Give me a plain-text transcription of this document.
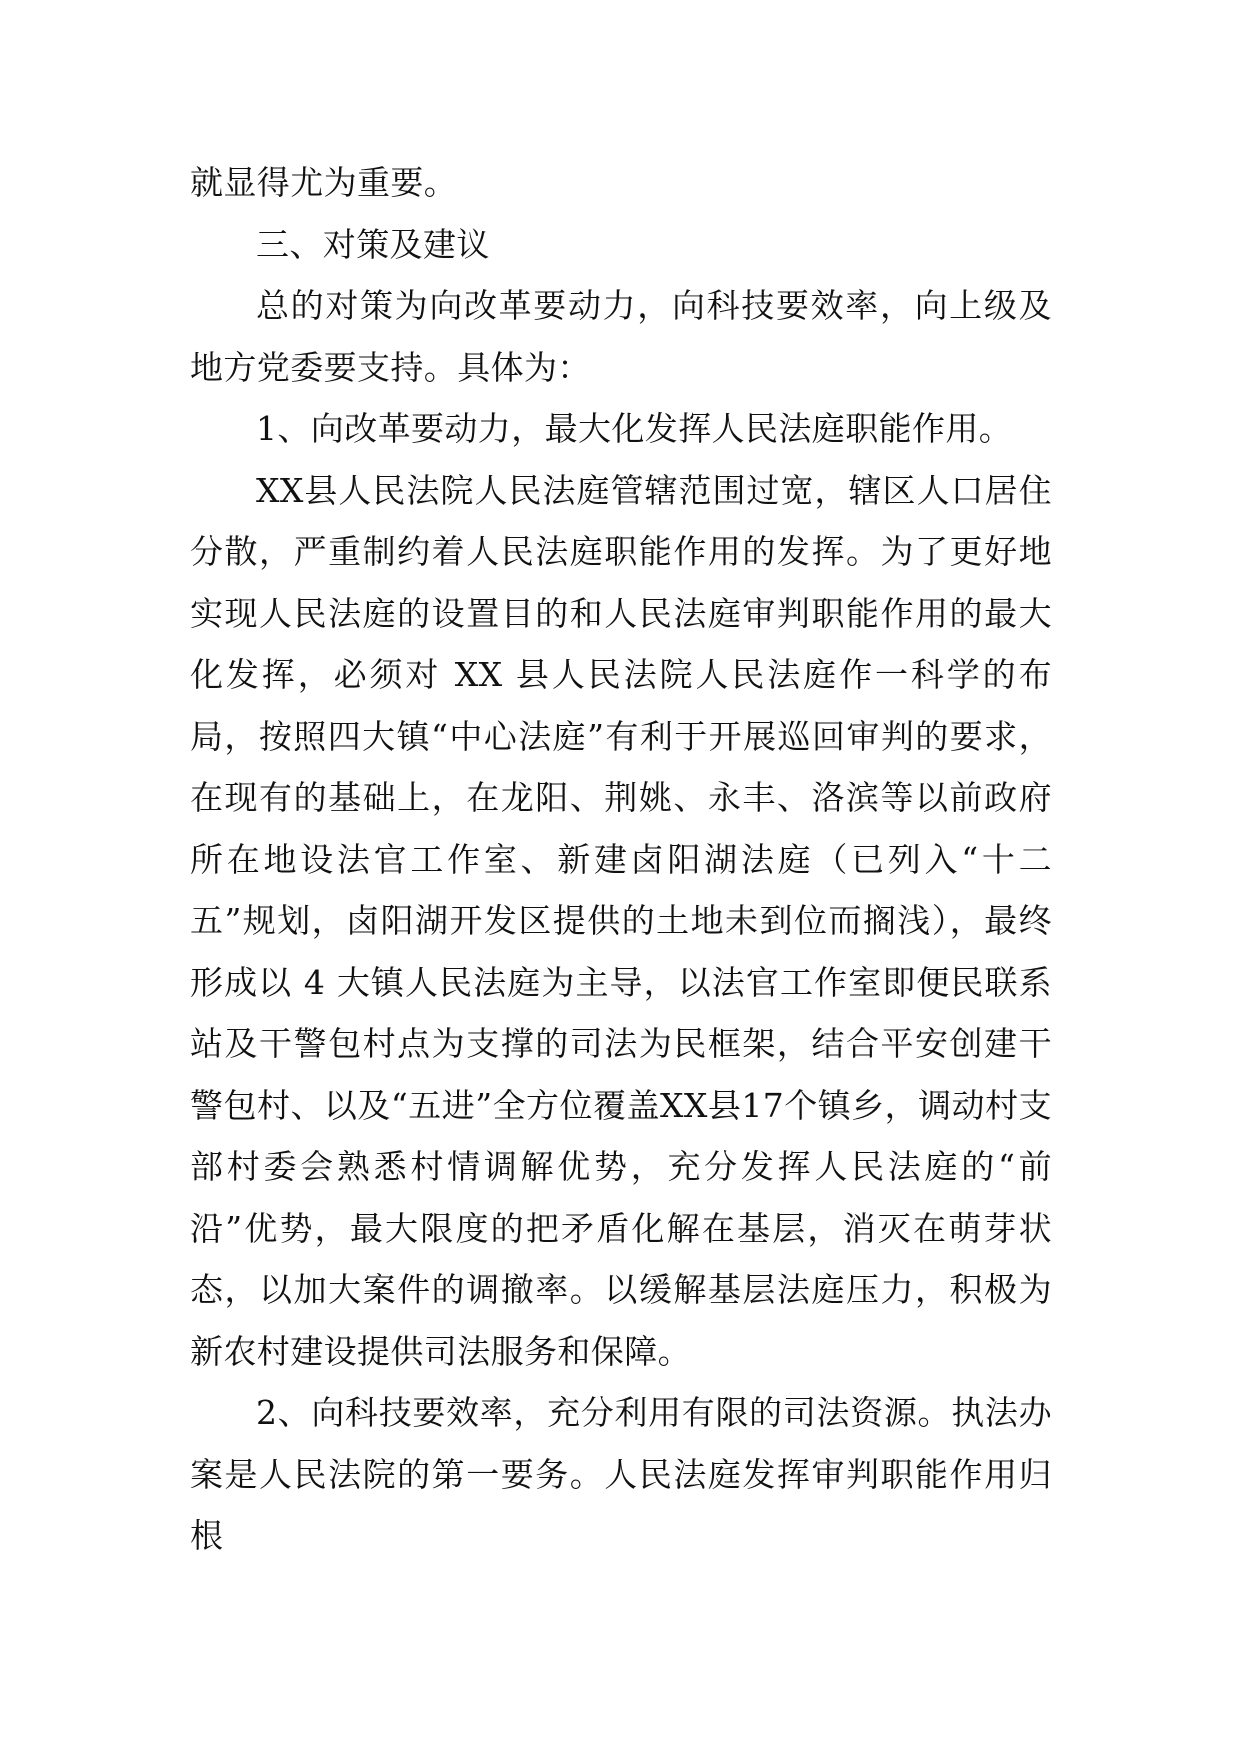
就显得尤为重要。

三、对策及建议

总的对策为向改革要动力，向科技要效率，向上级及地方党委要支持。具体为：

1、向改革要动力，最大化发挥人民法庭职能作用。

XX县人民法院人民法庭管辖范围过宽，辖区人口居住分散，严重制约着人民法庭职能作用的发挥。为了更好地实现人民法庭的设置目的和人民法庭审判职能作用的最大化发挥，必须对 XX 县人民法院人民法庭作一科学的布局，按照四大镇“中心法庭”有利于开展巡回审判的要求，在现有的基础上，在龙阳、荆姚、永丰、洛滨等以前政府所在地设法官工作室、新建卤阳湖法庭（已列入“十二五”规划，卤阳湖开发区提供的土地未到位而搁浅），最终形成以 4 大镇人民法庭为主导，以法官工作室即便民联系站及干警包村点为支撑的司法为民框架，结合平安创建干警包村、以及“五进”全方位覆盖XX县17个镇乡，调动村支部村委会熟悉村情调解优势，充分发挥人民法庭的“前沿”优势，最大限度的把矛盾化解在基层，消灭在萌芽状态，以加大案件的调撤率。以缓解基层法庭压力，积极为新农村建设提供司法服务和保障。

2、向科技要效率，充分利用有限的司法资源。执法办案是人民法院的第一要务。人民法庭发挥审判职能作用归根
